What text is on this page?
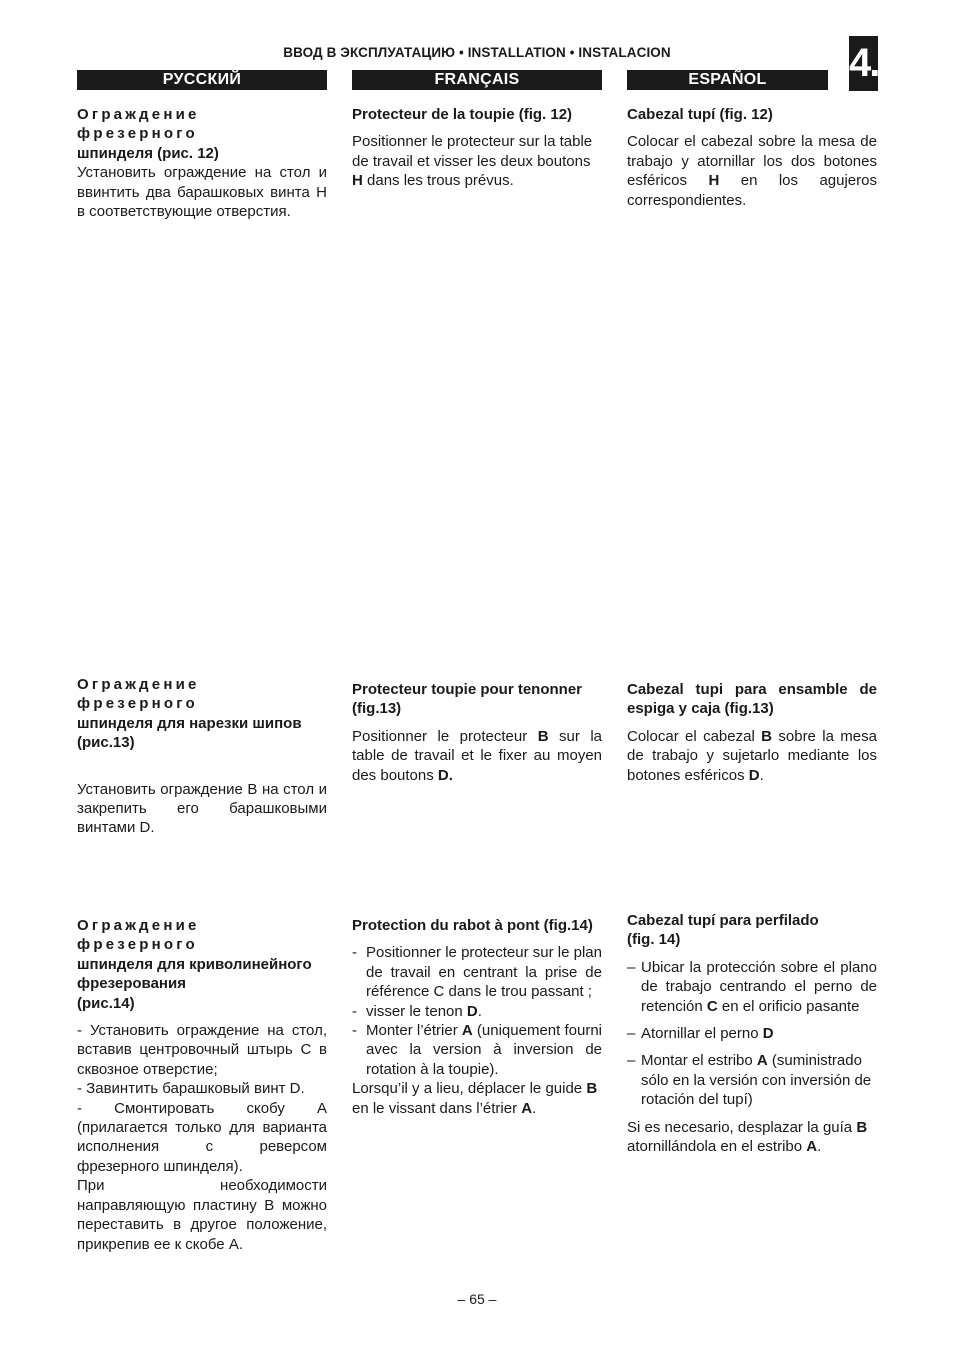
ВВОД В ЭКСПЛУАТАЦИЮ • INSTALLATION • INSTALACION	4.
РУССКИЙ	FRANÇAIS	ESPAÑOL

Ограждение фрезерного
шпинделя (рис. 12)

Установить ограждение на стол и ввинтить два барашковых винта Н в соответствующие отверстия.

Protecteur de la toupie (fig. 12)

Positionner le protecteur sur la table de travail et visser les deux boutons H dans les trous prévus.

Cabezal tupí (fig. 12)

Colocar el cabezal sobre la mesa de trabajo y atornillar los dos botones esféricos H en los agujeros correspondientes.

Ограждение фрезерного
шпинделя для нарезки шипов (рис.13)

Установить ограждение В на стол и закрепить его барашковыми винтами D.

Protecteur toupie pour tenonner (fig.13)

Positionner le protecteur B sur la table de travail et le fixer au moyen des boutons D.

Cabezal tupi para ensamble de espiga y caja (fig.13)

Colocar el cabezal B sobre la mesa de trabajo y sujetarlo mediante los botones esféricos D.

Ограждение фрезерного
шпинделя для криволинейного фрезерования
(рис.14)

- Установить ограждение на стол, вставив центровочный штырь С в сквозное отверстие;

- Завинтить барашковый винт D.

- Смонтировать скобу А (прилагается только для варианта исполнения с реверсом фрезерного шпинделя).

При необходимости направляющую пластину В можно переставить в другое положение, прикрепив ее к скобе А.

Protection du rabot à pont (fig.14)

- Positionner le protecteur sur le plan de travail en centrant la prise de référence C dans le trou passant ;
- visser le tenon D.
- Monter l’étrier A (uniquement fourni avec la version à inversion de rotation à la toupie).

Lorsqu’il y a lieu, déplacer le guide B en le vissant dans l’étrier A.

Cabezal tupí para perfilado
(fig. 14)

– Ubicar la protección sobre el plano de trabajo centrando el perno de retención C en el orificio pasante
– Atornillar el perno D
– Montar el estribo A (suministrado sólo en la versión con inversión de rotación del tupí)

Si es necesario, desplazar la guía B atornillándola en el estribo A.

– 65 –
